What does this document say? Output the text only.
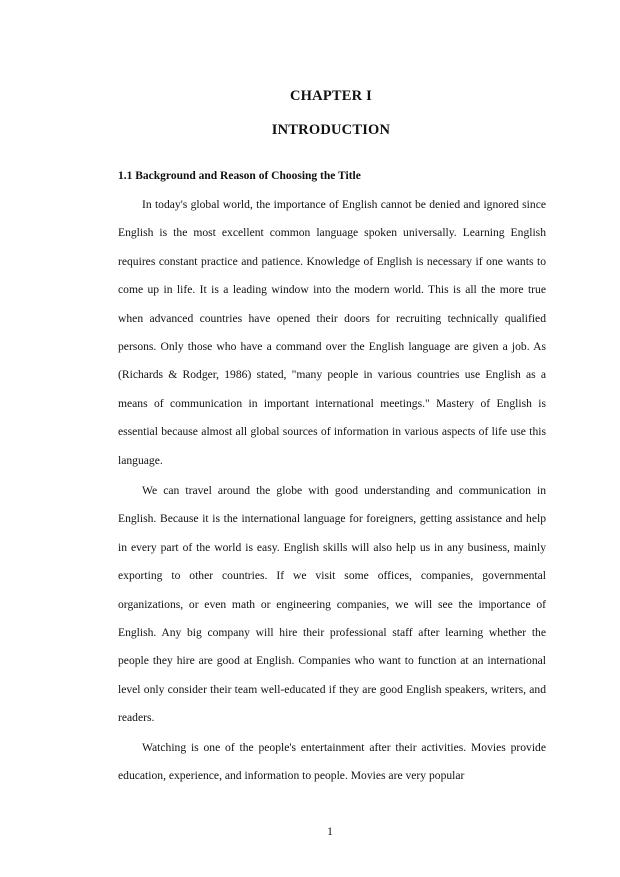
CHAPTER I
INTRODUCTION
1.1 Background and Reason of Choosing the Title

In today's global world, the importance of English cannot be denied and ignored since English is the most excellent common language spoken universally. Learning English requires constant practice and patience. Knowledge of English is necessary if one wants to come up in life. It is a leading window into the modern world. This is all the more true when advanced countries have opened their doors for recruiting technically qualified persons. Only those who have a command over the English language are given a job. As (Richards & Rodger, 1986) stated, "many people in various countries use English as a means of communication in important international meetings." Mastery of English is essential because almost all global sources of information in various aspects of life use this language.

We can travel around the globe with good understanding and communication in English. Because it is the international language for foreigners, getting assistance and help in every part of the world is easy. English skills will also help us in any business, mainly exporting to other countries. If we visit some offices, companies, governmental organizations, or even math or engineering companies, we will see the importance of English. Any big company will hire their professional staff after learning whether the people they hire are good at English. Companies who want to function at an international level only consider their team well-educated if they are good English speakers, writers, and readers.

Watching is one of the people's entertainment after their activities. Movies provide education, experience, and information to people. Movies are very popular

1
